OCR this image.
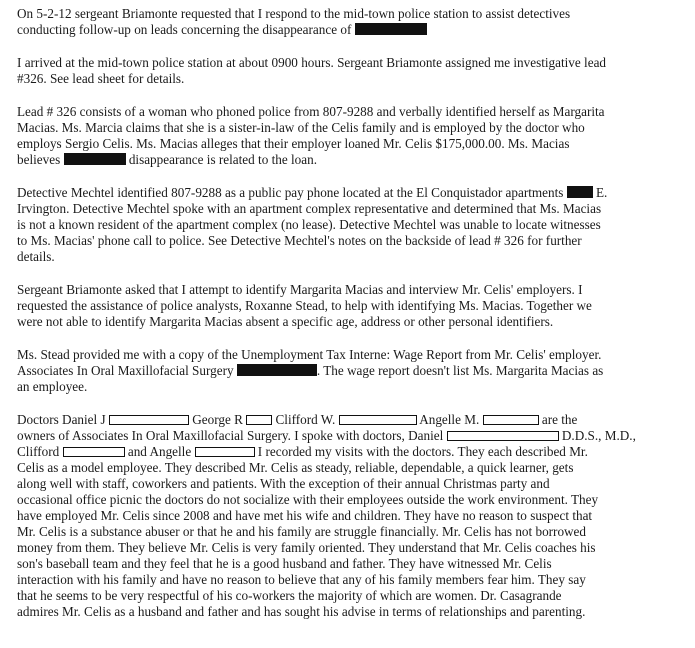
On 5-2-12 sergeant Briamonte requested that I respond to the mid-town police station to assist detectives
conducting follow-up on leads concerning the disappearance of
I arrived at the mid-town police station at about 0900 hours. Sergeant Briamonte assigned me investigative lead
#326. See lead sheet for details.
Lead # 326 consists of a woman who phoned police from 807-9288 and verbally identified herself as Margarita
Macias. Ms. Marcia claims that she is a sister-in-law of the Celis family and is employed by the doctor who
employs Sergio Celis. Ms. Macias alleges that their employer loaned Mr. Celis $175,000.00. Ms. Macias
believes	disappearance is related to the loan.
Detective Mechtel identified 807-9288 as a public pay phone located at the El Conquistador apartments  E.
Irvington. Detective Mechtel spoke with an apartment complex representative and determined that Ms. Macias
is not a known resident of the apartment complex (no lease). Detective Mechtel was unable to locate witnesses
to Ms. Macias' phone call to police. See Detective Mechtel's notes on the backside of lead # 326 for further
details.
Sergeant Briamonte asked that I attempt to identify Margarita Macias and interview Mr. Celis' employers. I
requested the assistance of police analysts, Roxanne Stead, to help with identifying Ms. Macias. Together we
were not able to identify Margarita Macias absent a specific age, address or other personal identifiers.
Ms. Stead provided me with a copy of the Unemployment Tax Interne: Wage Report from Mr. Celis' employer.
Associates In Oral Maxillofacial Surgery	. The wage report doesn't list Ms. Margarita Macias as
an employee.
Doctors Daniel J	George R  Clifford W.	Angelle M.	are the
owners of Associates In Oral Maxillofacial Surgery. I spoke with doctors, Daniel	D.D.S., M.D.,
Clifford	and Angelle	I recorded my visits with the doctors. They each described Mr.
Celis as a model employee. They described Mr. Celis as steady, reliable, dependable, a quick learner, gets
along well with staff, coworkers and patients. With the exception of their annual Christmas party and
occasional office picnic the doctors do not socialize with their employees outside the work environment. They
have employed Mr. Celis since 2008 and have met his wife and children. They have no reason to suspect that
Mr. Celis is a substance abuser or that he and his family are struggle financially. Mr. Celis has not borrowed
money from them. They believe Mr. Celis is very family oriented. They understand that Mr. Celis coaches his
son's baseball team and they feel that he is a good husband and father. They have witnessed Mr. Celis
interaction with his family and have no reason to believe that any of his family members fear him. They say
that he seems to be very respectful of his co-workers the majority of which are women. Dr. Casagrande
admires Mr. Celis as a husband and father and has sought his advise in terms of relationships and parenting.
